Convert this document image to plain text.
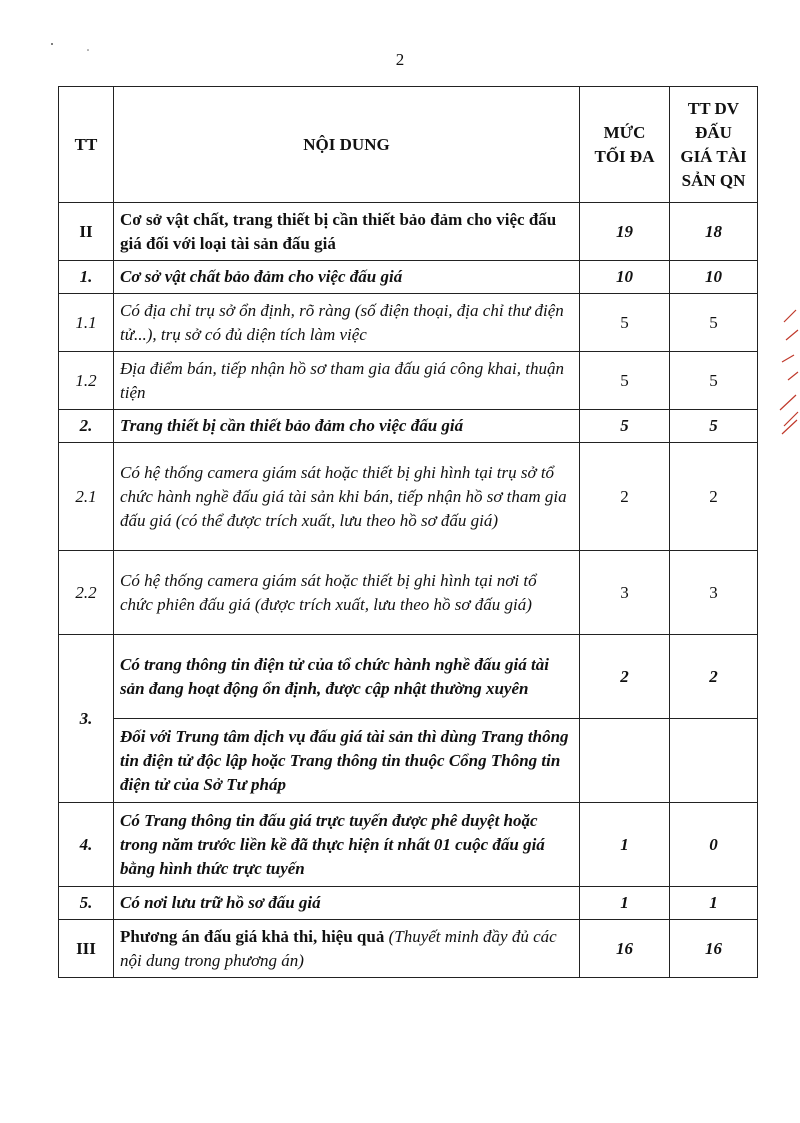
2
TT	NỘI DUNG	MỨC TỐI ĐA	TT DV ĐẤU GIÁ TÀI SẢN QN
II	Cơ sở vật chất, trang thiết bị cần thiết bảo đảm cho việc đấu giá đối với loại tài sản đấu giá	19	18
1.	Cơ sở vật chất bảo đảm cho việc đấu giá	10	10
1.1	Có địa chỉ trụ sở ổn định, rõ ràng (số điện thoại, địa chỉ thư điện tử...), trụ sở có đủ diện tích làm việc	5	5
1.2	Địa điểm bán, tiếp nhận hồ sơ tham gia đấu giá công khai, thuận tiện	5	5
2.	Trang thiết bị cần thiết bảo đảm cho việc đấu giá	5	5
2.1	Có hệ thống camera giám sát hoặc thiết bị ghi hình tại trụ sở tổ chức hành nghề đấu giá tài sản khi bán, tiếp nhận hồ sơ tham gia đấu giá (có thể được trích xuất, lưu theo hồ sơ đấu giá)	2	2
2.2	Có hệ thống camera giám sát hoặc thiết bị ghi hình tại nơi tổ chức phiên đấu giá (được trích xuất, lưu theo hồ sơ đấu giá)	3	3
3.	Có trang thông tin điện tử của tổ chức hành nghề đấu giá tài sản đang hoạt động ổn định, được cập nhật thường xuyên	2	2
	Đối với Trung tâm dịch vụ đấu giá tài sản thì dùng Trang thông tin điện tử độc lập hoặc Trang thông tin thuộc Cổng Thông tin điện tử của Sở Tư pháp		
4.	Có Trang thông tin đấu giá trực tuyến được phê duyệt hoặc trong năm trước liền kề đã thực hiện ít nhất 01 cuộc đấu giá bằng hình thức trực tuyến	1	0
5.	Có nơi lưu trữ hồ sơ đấu giá	1	1
III	Phương án đấu giá khả thi, hiệu quả (Thuyết minh đầy đủ các nội dung trong phương án)	16	16
